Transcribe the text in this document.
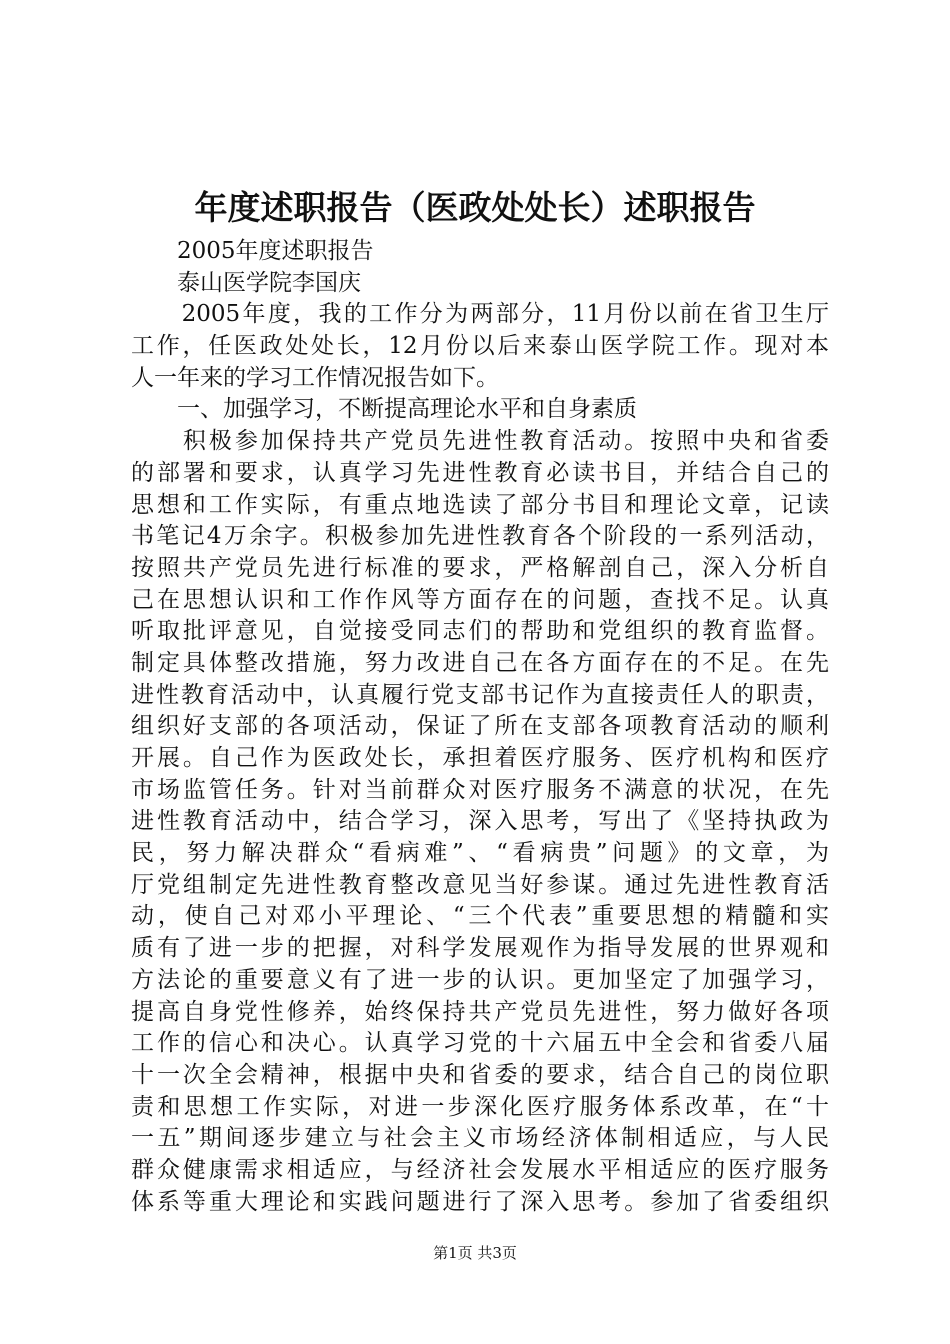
年度述职报告（医政处处长）述职报告
　　2005年度述职报告
　　泰山医学院李国庆
　　2005年度，我的工作分为两部分，11月份以前在省卫生厅
工作，任医政处处长，12月份以后来泰山医学院工作。现对本
人一年来的学习工作情况报告如下。
　　一、加强学习，不断提高理论水平和自身素质
　　积极参加保持共产党员先进性教育活动。按照中央和省委
的部署和要求，认真学习先进性教育必读书目，并结合自己的
思想和工作实际，有重点地选读了部分书目和理论文章，记读
书笔记4万余字。积极参加先进性教育各个阶段的一系列活动，
按照共产党员先进行标准的要求，严格解剖自己，深入分析自
己在思想认识和工作作风等方面存在的问题，查找不足。认真
听取批评意见，自觉接受同志们的帮助和党组织的教育监督。
制定具体整改措施，努力改进自己在各方面存在的不足。在先
进性教育活动中，认真履行党支部书记作为直接责任人的职责，
组织好支部的各项活动，保证了所在支部各项教育活动的顺利
开展。自己作为医政处长，承担着医疗服务、医疗机构和医疗
市场监管任务。针对当前群众对医疗服务不满意的状况，在先
进性教育活动中，结合学习，深入思考，写出了《坚持执政为
民，努力解决群众“看病难”、“看病贵”问题》的文章，为
厅党组制定先进性教育整改意见当好参谋。通过先进性教育活
动，使自己对邓小平理论、“三个代表”重要思想的精髓和实
质有了进一步的把握，对科学发展观作为指导发展的世界观和
方法论的重要意义有了进一步的认识。更加坚定了加强学习，
提高自身党性修养，始终保持共产党员先进性，努力做好各项
工作的信心和决心。认真学习党的十六届五中全会和省委八届
十一次全会精神，根据中央和省委的要求，结合自己的岗位职
责和思想工作实际，对进一步深化医疗服务体系改革，在“十
一五”期间逐步建立与社会主义市场经济体制相适应，与人民
群众健康需求相适应，与经济社会发展水平相适应的医疗服务
体系等重大理论和实践问题进行了深入思考。参加了省委组织
第1页 共3页
